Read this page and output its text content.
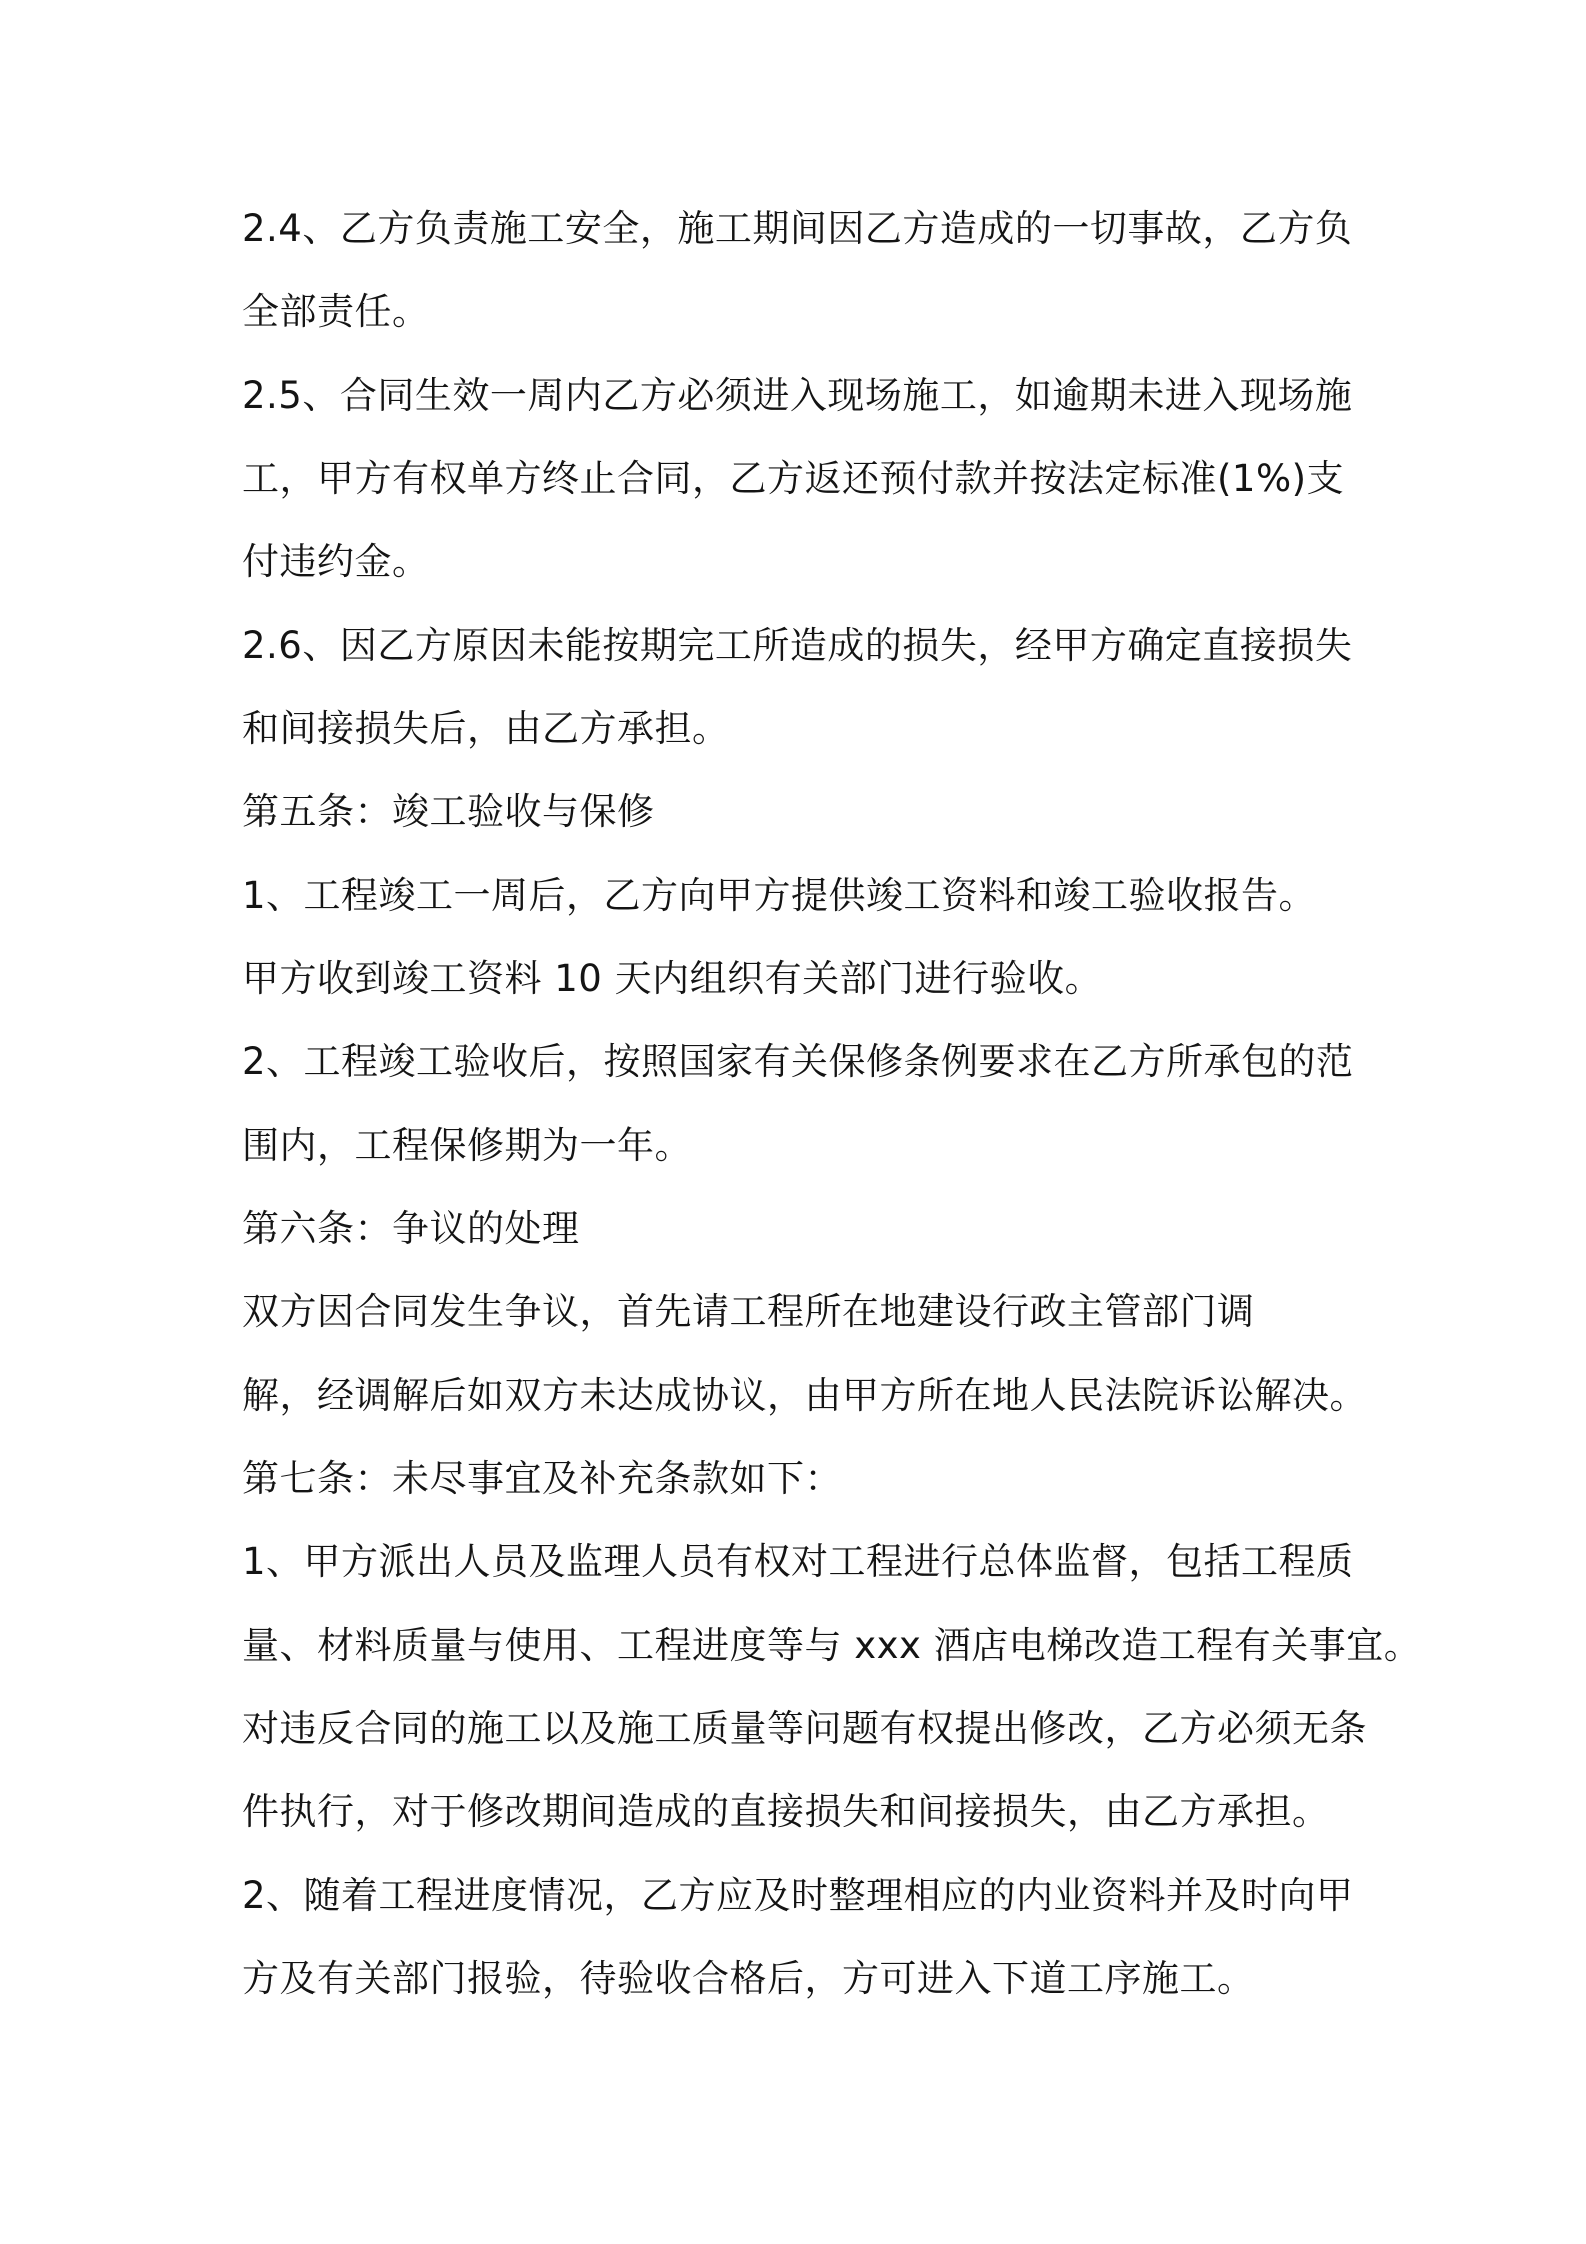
2.4、乙方负责施工安全，施工期间因乙方造成的一切事故，乙方负
全部责任。
2.5、合同生效一周内乙方必须进入现场施工，如逾期未进入现场施
工，甲方有权单方终止合同，乙方返还预付款并按法定标准(1%)支
付违约金。
2.6、因乙方原因未能按期完工所造成的损失，经甲方确定直接损失
和间接损失后，由乙方承担。
第五条：竣工验收与保修
1、工程竣工一周后，乙方向甲方提供竣工资料和竣工验收报告。
甲方收到竣工资料 10 天内组织有关部门进行验收。
2、工程竣工验收后，按照国家有关保修条例要求在乙方所承包的范
围内，工程保修期为一年。
第六条：争议的处理
双方因合同发生争议，首先请工程所在地建设行政主管部门调
解，经调解后如双方未达成协议，由甲方所在地人民法院诉讼解决。
第七条：未尽事宜及补充条款如下：
1、甲方派出人员及监理人员有权对工程进行总体监督，包括工程质
量、材料质量与使用、工程进度等与 xxx 酒店电梯改造工程有关事宜。
对违反合同的施工以及施工质量等问题有权提出修改，乙方必须无条
件执行，对于修改期间造成的直接损失和间接损失，由乙方承担。
2、随着工程进度情况，乙方应及时整理相应的内业资料并及时向甲
方及有关部门报验，待验收合格后，方可进入下道工序施工。
